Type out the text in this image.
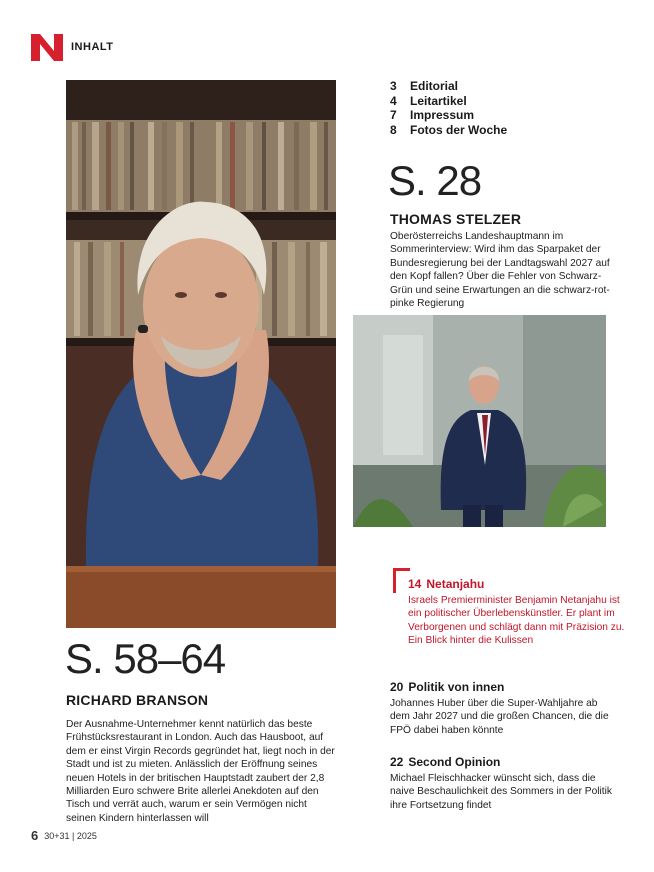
INHALT
3	Editorial
4	Leitartikel
7	Impressum
8	Fotos der Woche
S. 28
THOMAS STELZER
Oberösterreichs Landeshauptmann im Sommerinterview: Wird ihm das Sparpaket der Bundesregierung bei der Landtagswahl 2027 auf den Kopf fallen? Über die Fehler von Schwarz-Grün und seine Erwartungen an die schwarz-rot-pinke Regierung
S. 58–64
RICHARD BRANSON
Der Ausnahme-Unternehmer kennt natürlich das beste Frühstücksrestaurant in London. Auch das Hausboot, auf dem er einst Virgin Records gegründet hat, liegt noch in der Stadt und ist zu mieten. Anlässlich der Eröffnung seines neuen Hotels in der britischen Hauptstadt zaubert der 2,8 Milliarden Euro schwere Brite allerlei Anekdoten auf den Tisch und verrät auch, warum er sein Vermögen nicht seinen Kindern hinterlassen will
14 Netanjahu
Israels Premierminister Benjamin Netanjahu ist ein politischer Überlebenskünstler. Er plant im Verborgenen und schlägt dann mit Präzision zu. Ein Blick hinter die Kulissen
20 Politik von innen
Johannes Huber über die Super-Wahljahre ab dem Jahr 2027 und die großen Chancen, die die FPÖ dabei haben könnte
22 Second Opinion
Michael Fleischhacker wünscht sich, dass die naive Beschaulichkeit des Sommers in der Politik ihre Fortsetzung findet
6 30+31 | 2025
